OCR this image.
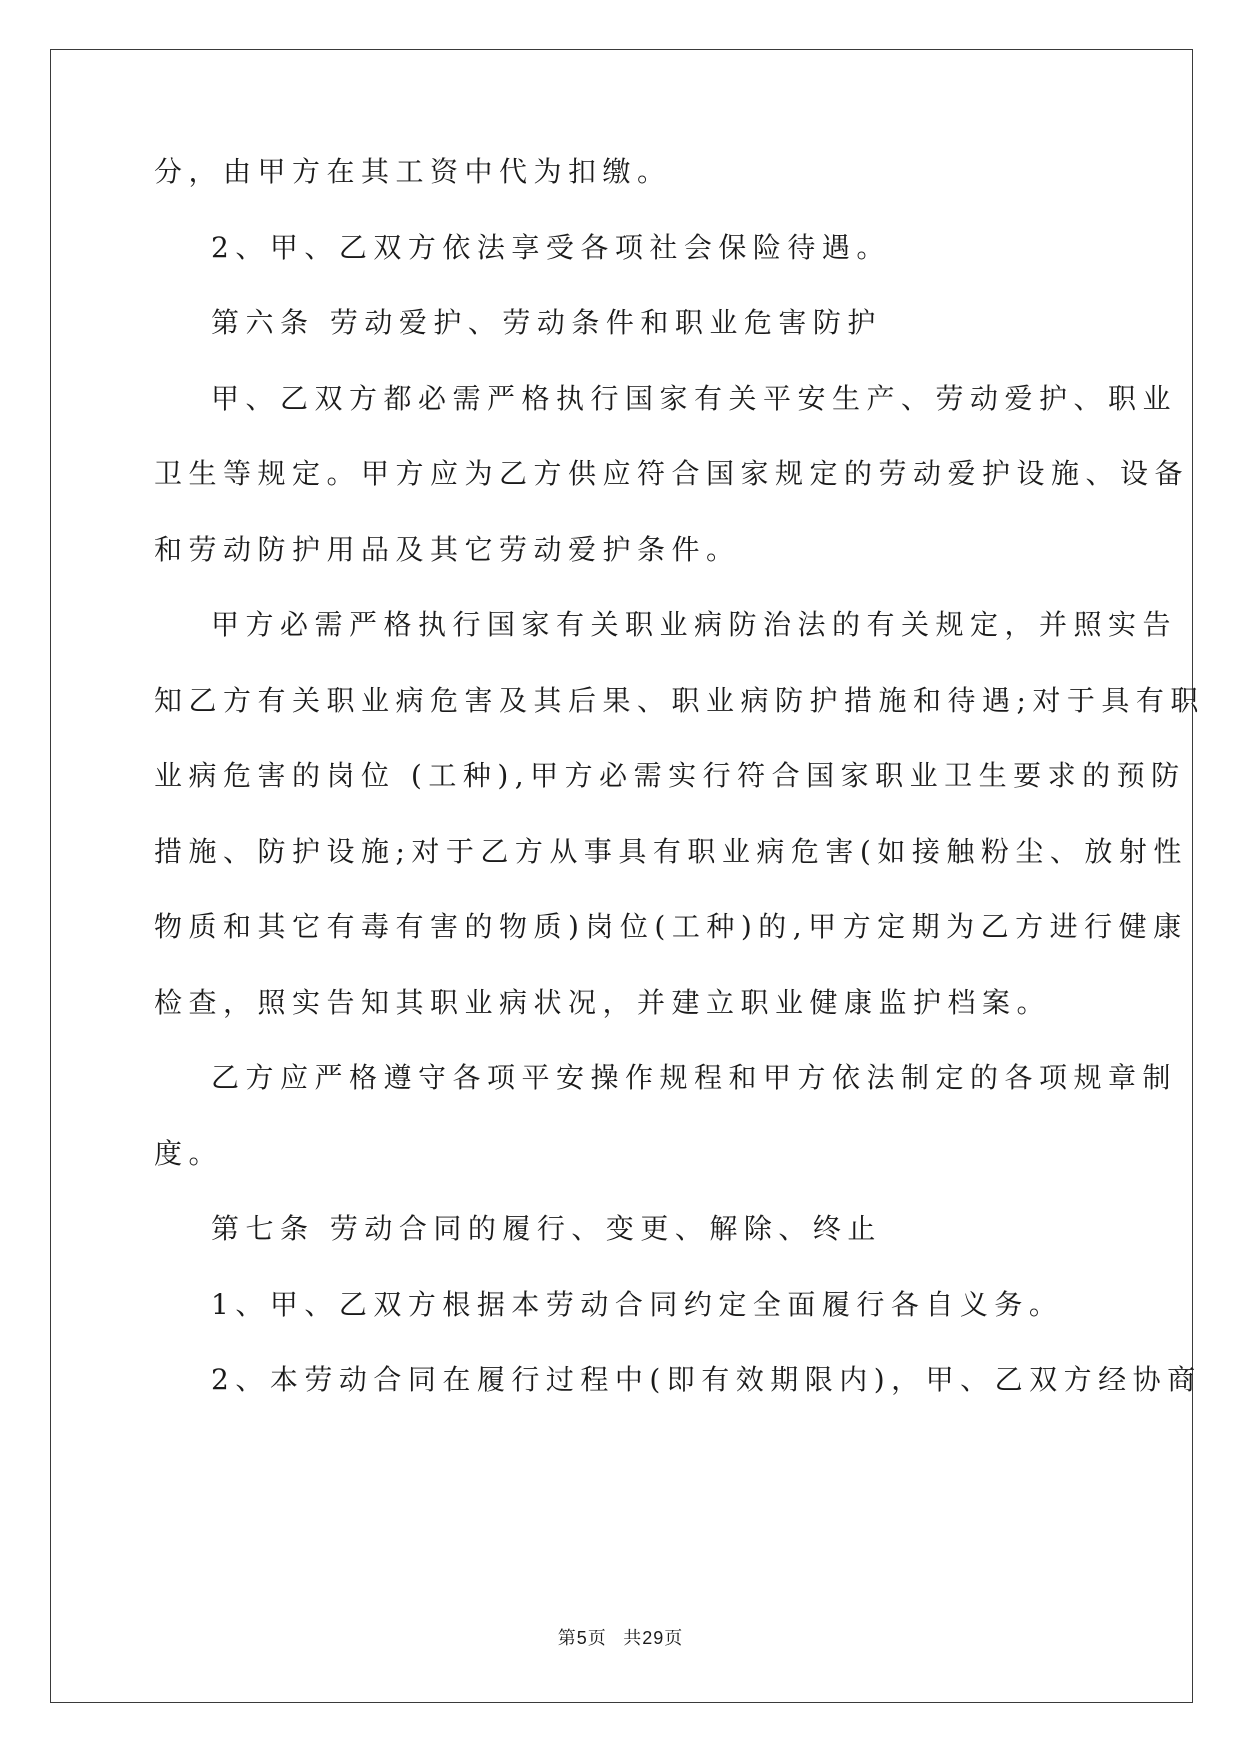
分，由甲方在其工资中代为扣缴。
2、甲、乙双方依法享受各项社会保险待遇。
第六条 劳动爱护、劳动条件和职业危害防护
甲、乙双方都必需严格执行国家有关平安生产、劳动爱护、职业
卫生等规定。甲方应为乙方供应符合国家规定的劳动爱护设施、设备
和劳动防护用品及其它劳动爱护条件。
甲方必需严格执行国家有关职业病防治法的有关规定，并照实告
知乙方有关职业病危害及其后果、职业病防护措施和待遇;对于具有职
业病危害的岗位 (工种),甲方必需实行符合国家职业卫生要求的预防
措施、防护设施;对于乙方从事具有职业病危害(如接触粉尘、放射性
物质和其它有毒有害的物质)岗位(工种)的,甲方定期为乙方进行健康
检查，照实告知其职业病状况，并建立职业健康监护档案。
乙方应严格遵守各项平安操作规程和甲方依法制定的各项规章制
度。
第七条 劳动合同的履行、变更、解除、终止
1、甲、乙双方根据本劳动合同约定全面履行各自义务。
2、本劳动合同在履行过程中(即有效期限内)，甲、乙双方经协商
第5页 共29页
